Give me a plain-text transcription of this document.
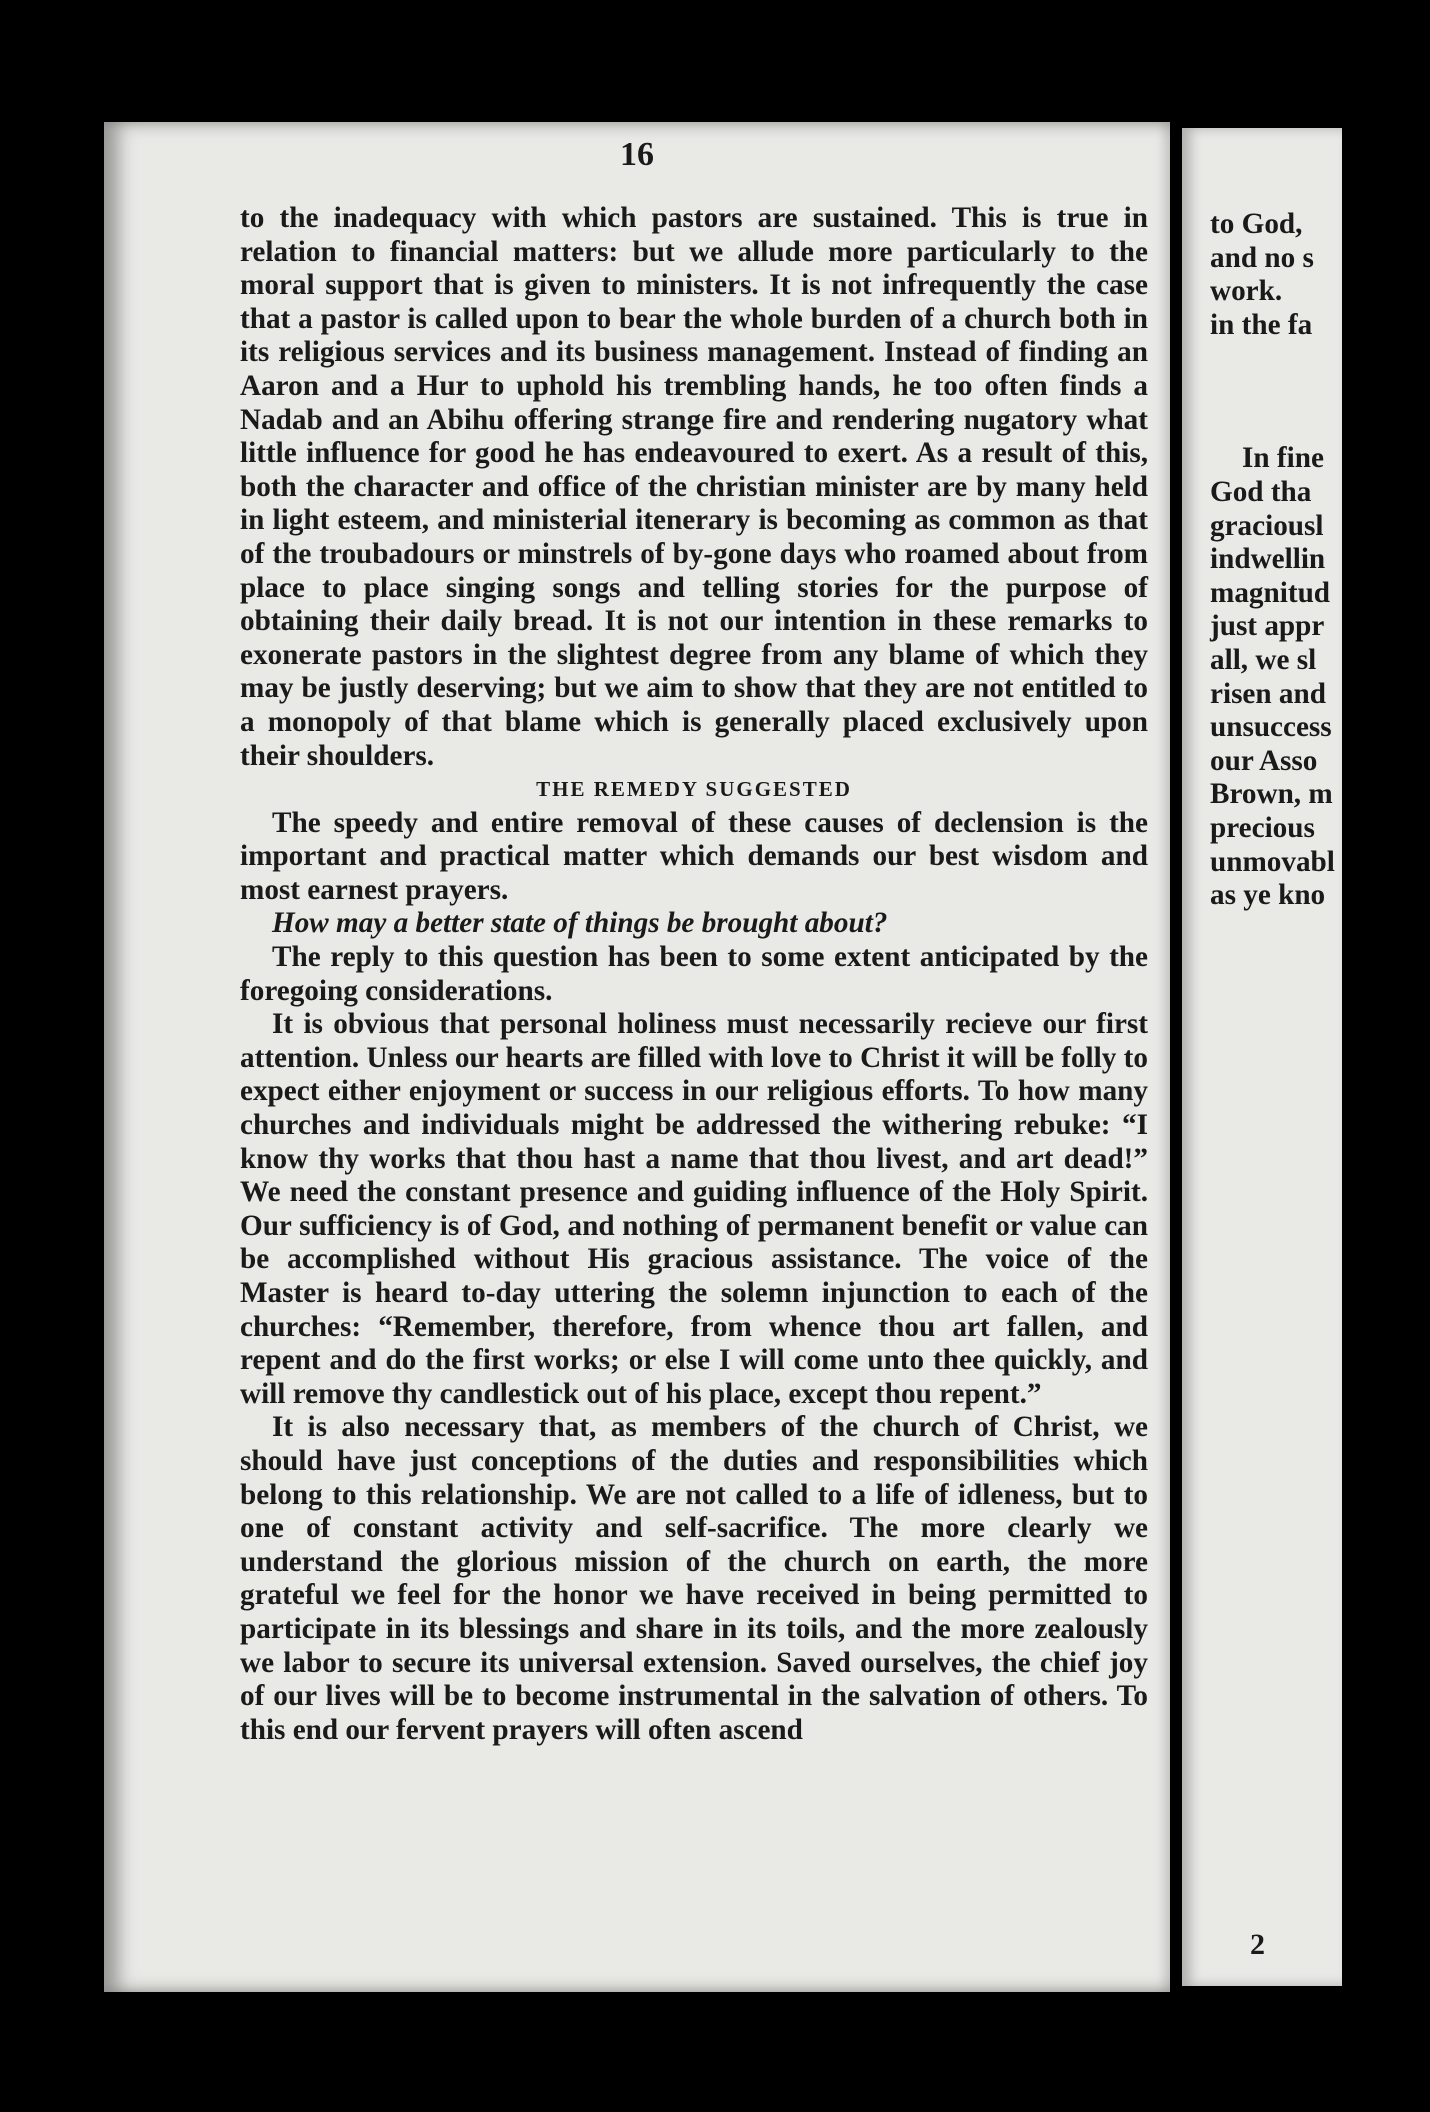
16

to the inadequacy with which pastors are sustained. This is true in relation to financial matters: but we allude more particularly to the moral support that is given to ministers. It is not infrequently the case that a pastor is called upon to bear the whole burden of a church both in its religious services and its business management. Instead of finding an Aaron and a Hur to uphold his trembling hands, he too often finds a Nadab and an Abihu offering strange fire and rendering nugatory what little influence for good he has endeavoured to exert. As a result of this, both the character and office of the christian minister are by many held in light esteem, and ministerial itenerary is becoming as common as that of the troubadours or minstrels of by-gone days who roamed about from place to place singing songs and telling stories for the purpose of obtaining their daily bread. It is not our intention in these remarks to exonerate pastors in the slightest degree from any blame of which they may be justly deserving; but we aim to show that they are not entitled to a monopoly of that blame which is generally placed exclusively upon their shoulders.

THE REMEDY SUGGESTED

The speedy and entire removal of these causes of declension is the important and practical matter which demands our best wisdom and most earnest prayers.

How may a better state of things be brought about?

The reply to this question has been to some extent anticipated by the foregoing considerations.

It is obvious that personal holiness must necessarily recieve our first attention. Unless our hearts are filled with love to Christ it will be folly to expect either enjoyment or success in our religious efforts. To how many churches and individuals might be addressed the withering rebuke: “I know thy works that thou hast a name that thou livest, and art dead!” We need the constant presence and guiding influence of the Holy Spirit. Our sufficiency is of God, and nothing of permanent benefit or value can be accomplished without His gracious assistance. The voice of the Master is heard to-day uttering the solemn injunction to each of the churches: “Remember, therefore, from whence thou art fallen, and repent and do the first works; or else I will come unto thee quickly, and will remove thy candlestick out of his place, except thou repent.”

It is also necessary that, as members of the church of Christ, we should have just conceptions of the duties and responsibilities which belong to this relationship. We are not called to a life of idleness, but to one of constant activity and self-sacrifice. The more clearly we understand the glorious mission of the church on earth, the more grateful we feel for the honor we have received in being permitted to participate in its blessings and share in its toils, and the more zealously we labor to secure its universal extension. Saved ourselves, the chief joy of our lives will be to become instrumental in the salvation of others. To this end our fervent prayers will often ascend

to God,
and no s
work.
in the fa
In fine
God tha
graciousl
indwellin
magnitud
just appr
all, we sl
risen and
unsuccess
our Asso
Brown, m
precious
unmovabl
as ye kno
2
